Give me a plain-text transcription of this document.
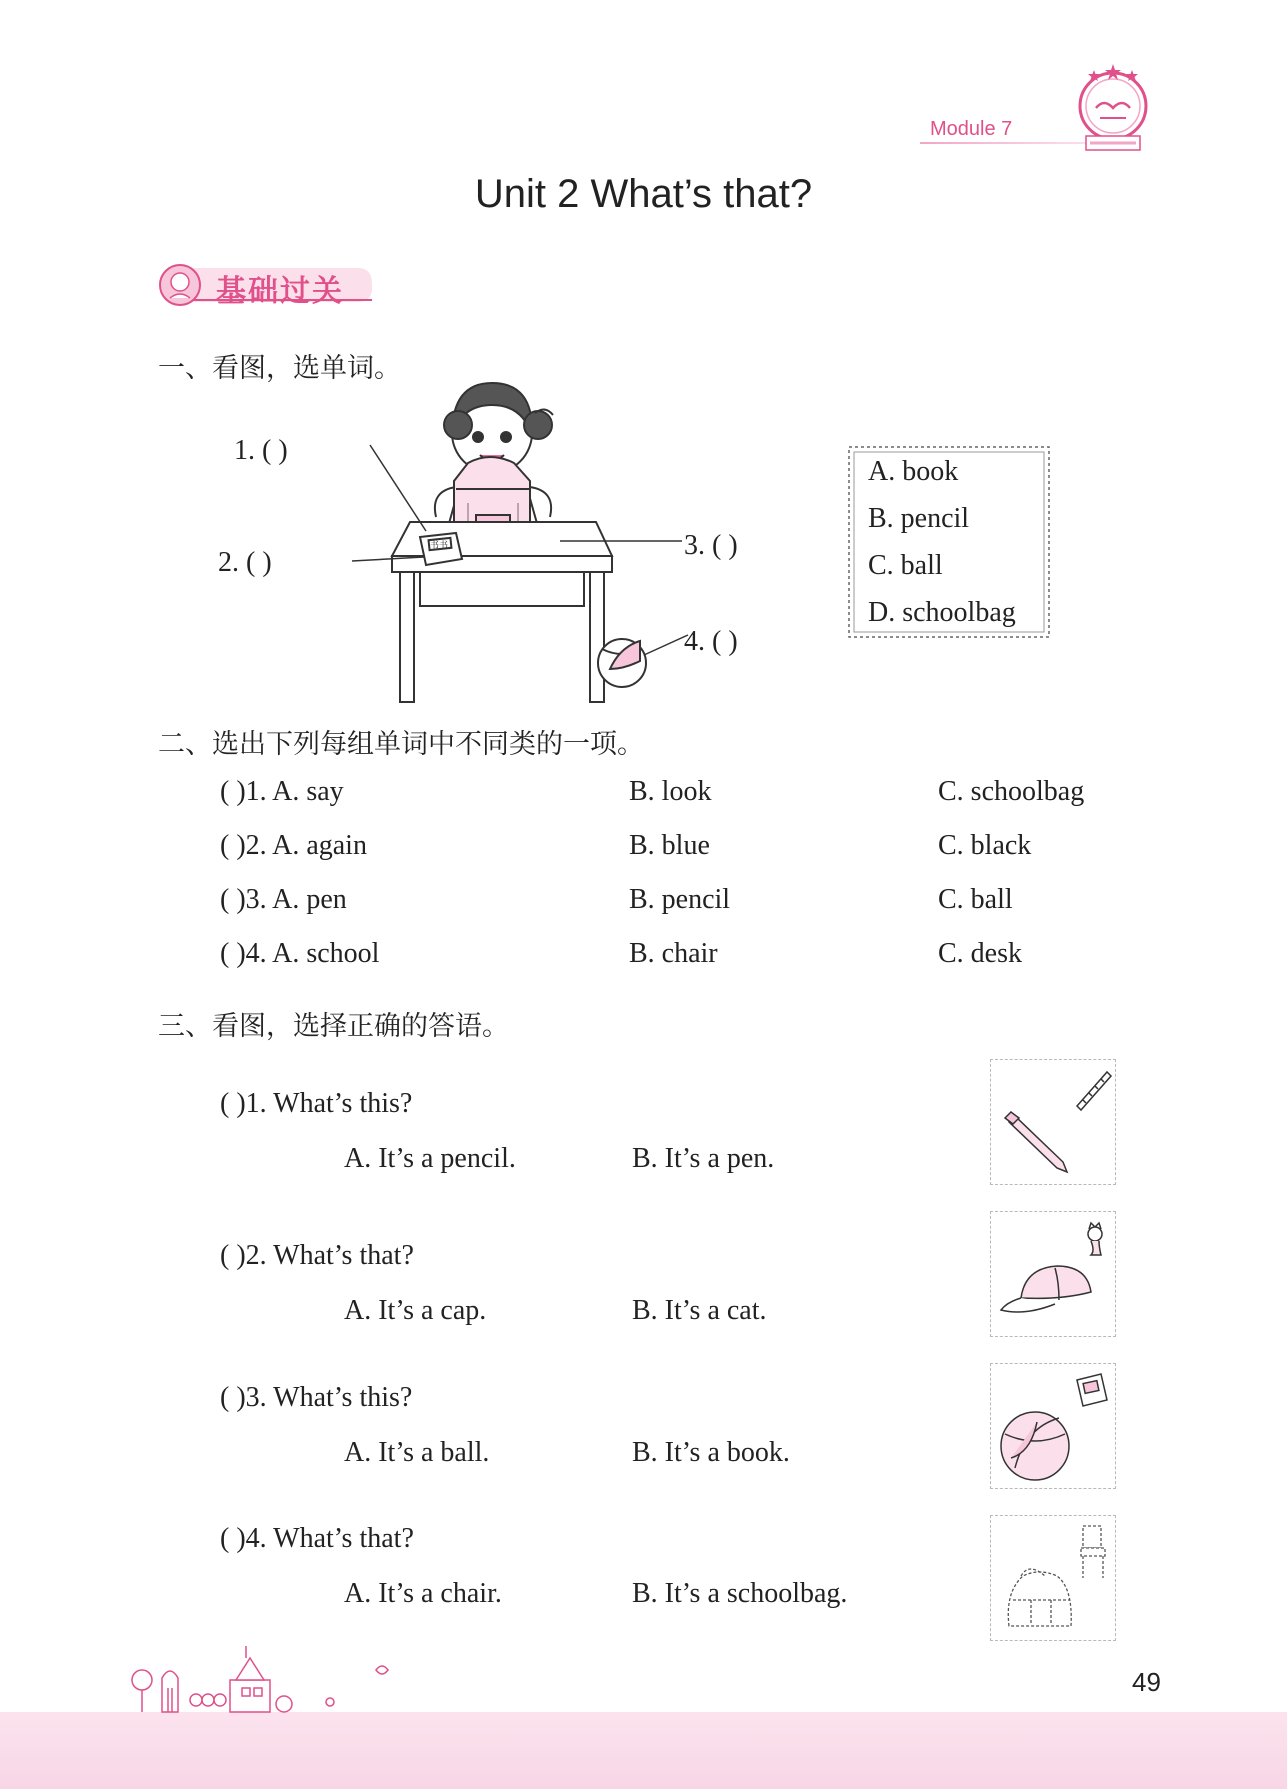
Module 7
Unit 2 What’s that?
基础过关
一、看图，选单词。
书书
1. ( )
2. ( )
3. ( )
4. ( )
A. book
B. pencil
C. ball
D. schoolbag
二、选出下列每组单词中不同类的一项。
( )1. A. say	B. look	C. schoolbag
( )2. A. again	B. blue	C. black
( )3. A. pen	B. pencil	C. ball
( )4. A. school	B. chair	C. desk
三、看图，选择正确的答语。
( )1. What’s this?
A. It’s a pencil.	B. It’s a pen.
( )2. What’s that?
A. It’s a cap.	B. It’s a cat.
( )3. What’s this?
A. It’s a ball.	B. It’s a book.
( )4. What’s that?
A. It’s a chair.	B. It’s a schoolbag.
49
